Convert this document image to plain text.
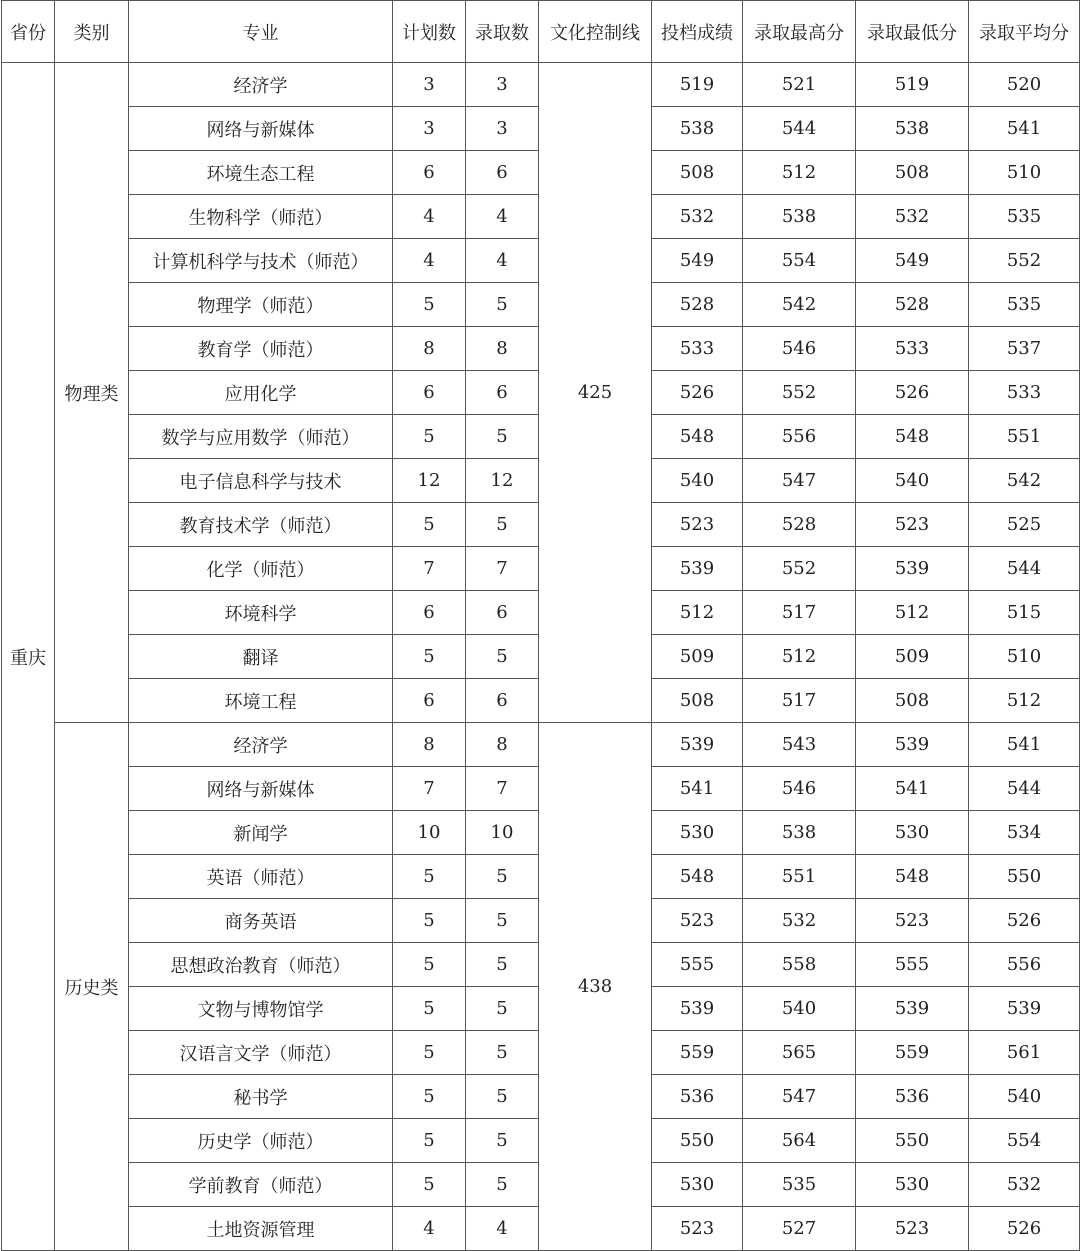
省份	类别	专业	计划数	录取数	文化控制线	投档成绩	录取最高分	录取最低分	录取平均分
重庆	物理类	经济学	3	3	425	519	521	519	520
		网络与新媒体	3	3		538	544	538	541
		环境生态工程	6	6		508	512	508	510
		生物科学（师范）	4	4		532	538	532	535
		计算机科学与技术（师范）	4	4		549	554	549	552
		物理学（师范）	5	5		528	542	528	535
		教育学（师范）	8	8		533	546	533	537
		应用化学	6	6		526	552	526	533
		数学与应用数学（师范）	5	5		548	556	548	551
		电子信息科学与技术	12	12		540	547	540	542
		教育技术学（师范）	5	5		523	528	523	525
		化学（师范）	7	7		539	552	539	544
		环境科学	6	6		512	517	512	515
		翻译	5	5		509	512	509	510
		环境工程	6	6		508	517	508	512
	历史类	经济学	8	8	438	539	543	539	541
		网络与新媒体	7	7		541	546	541	544
		新闻学	10	10		530	538	530	534
		英语（师范）	5	5		548	551	548	550
		商务英语	5	5		523	532	523	526
		思想政治教育（师范）	5	5		555	558	555	556
		文物与博物馆学	5	5		539	540	539	539
		汉语言文学（师范）	5	5		559	565	559	561
		秘书学	5	5		536	547	536	540
		历史学（师范）	5	5		550	564	550	554
		学前教育（师范）	5	5		530	535	530	532
		土地资源管理	4	4		523	527	523	526
